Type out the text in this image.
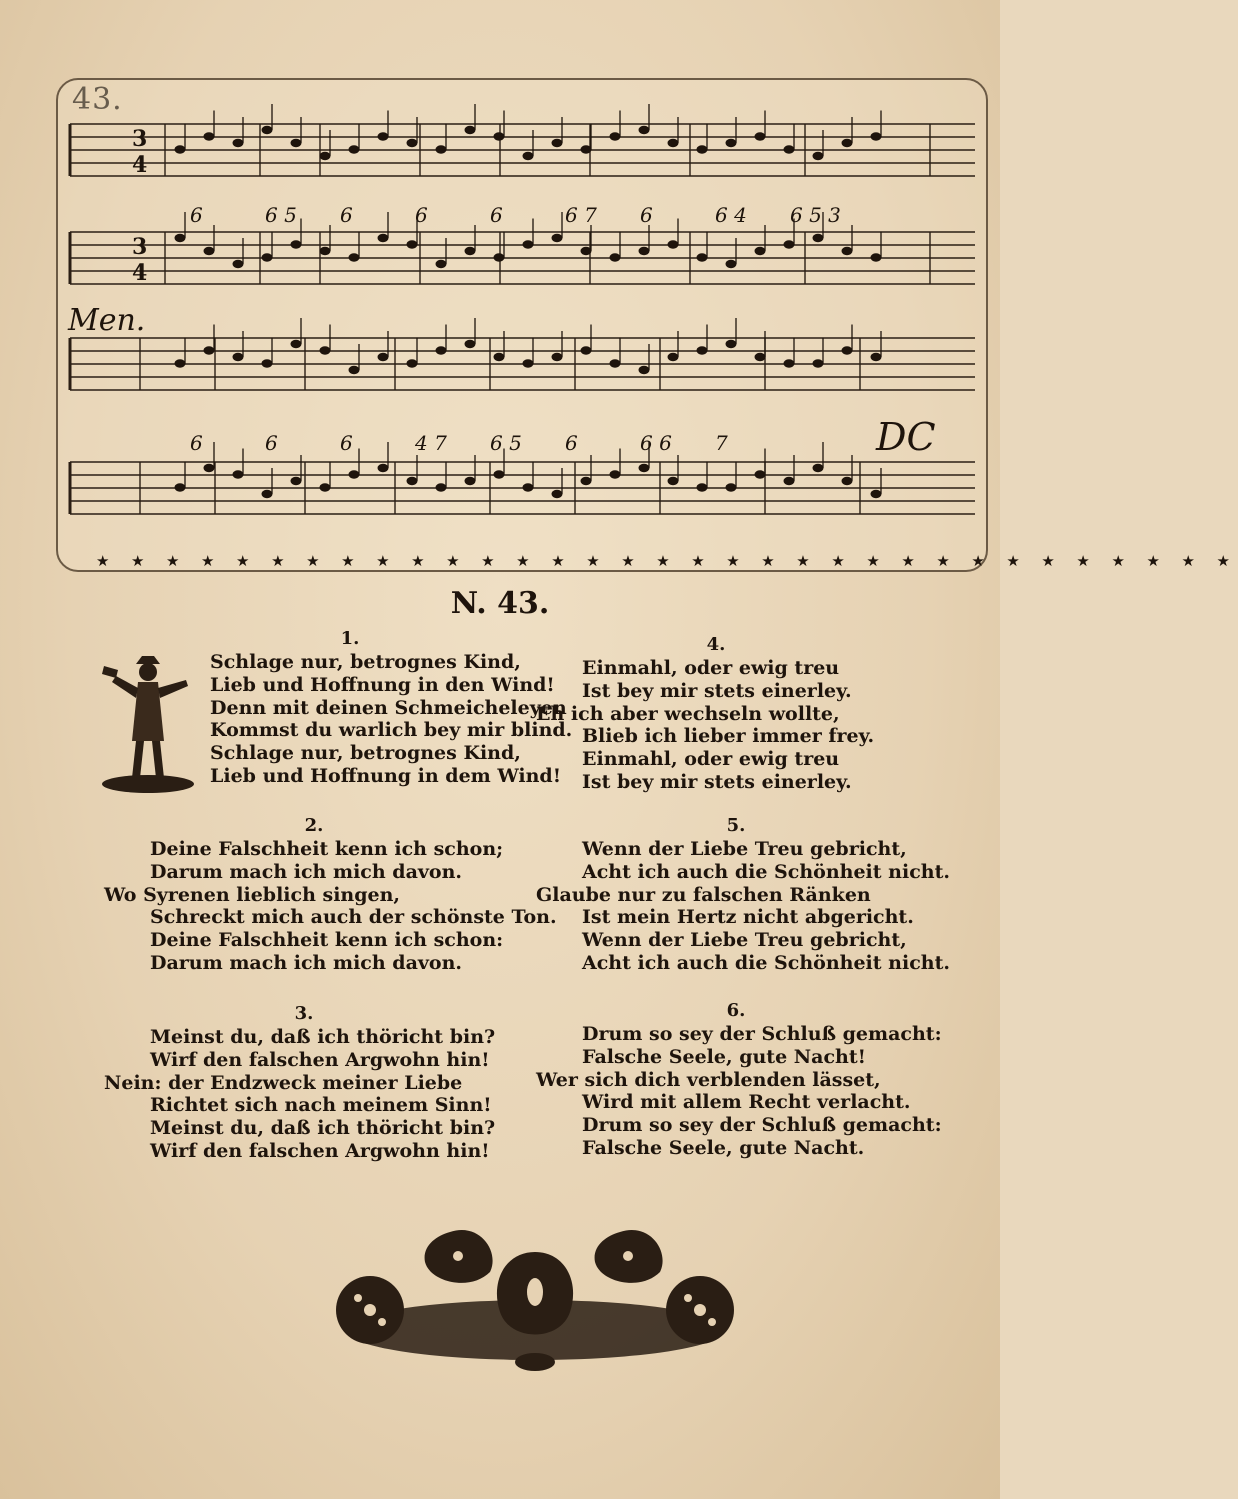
43.
3
4
3
4
Men.
DC
6	6 5 6	6	6	6 7 6	6 4 6 5 3
6	6	6	4 7 6 5 6	6 6 7
★ ★ ★ ★ ★ ★ ★ ★ ★ ★ ★ ★ ★ ★ ★ ★ ★ ★ ★ ★ ★ ★ ★ ★ ★ ★ ★ ★ ★ ★ ★ ★ ★
N. 43.
1.
Schlage nur, betrognes Kind,
Lieb und Hoffnung in den Wind!
Denn mit deinen Schmeicheleyen
Kommst du warlich bey mir blind.
Schlage nur, betrognes Kind,
Lieb und Hoffnung in dem Wind!
2.
Deine Falschheit kenn ich schon;
Darum mach ich mich davon.
Wo Syrenen lieblich singen,
Schreckt mich auch der schönste Ton.
Deine Falschheit kenn ich schon:
Darum mach ich mich davon.
3.
Meinst du, daß ich thöricht bin?
Wirf den falschen Argwohn hin!
Nein: der Endzweck meiner Liebe
Richtet sich nach meinem Sinn!
Meinst du, daß ich thöricht bin?
Wirf den falschen Argwohn hin!
4.
Einmahl, oder ewig treu
Ist bey mir stets einerley.
Eh ich aber wechseln wollte,
Blieb ich lieber immer frey.
Einmahl, oder ewig treu
Ist bey mir stets einerley.
5.
Wenn der Liebe Treu gebricht,
Acht ich auch die Schönheit nicht.
Glaube nur zu falschen Ränken
Ist mein Hertz nicht abgericht.
Wenn der Liebe Treu gebricht,
Acht ich auch die Schönheit nicht.
6.
Drum so sey der Schluß gemacht:
Falsche Seele, gute Nacht!
Wer sich dich verblenden lässet,
Wird mit allem Recht verlacht.
Drum so sey der Schluß gemacht:
Falsche Seele, gute Nacht.
